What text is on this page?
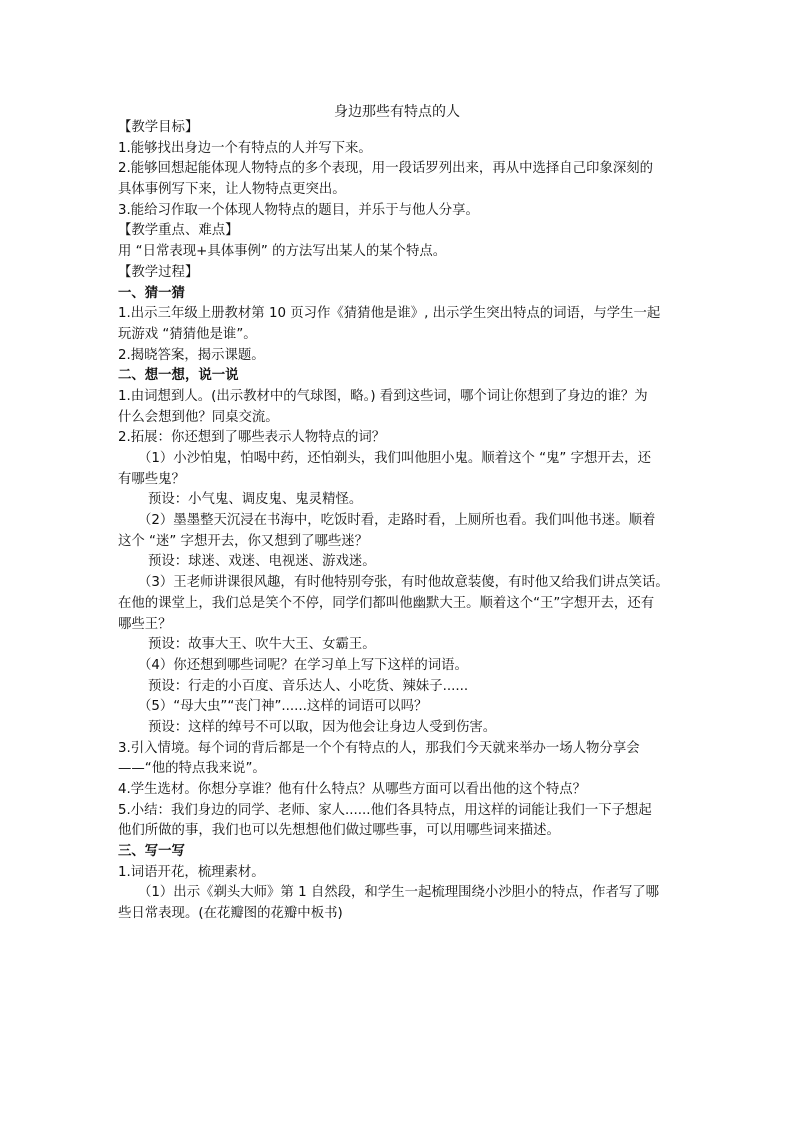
身边那些有特点的人
【教学目标】
1.能够找出身边一个有特点的人并写下来。
2.能够回想起能体现人物特点的多个表现，用一段话罗列出来，再从中选择自己印象深刻的
具体事例写下来，让人物特点更突出。
3.能给习作取一个体现人物特点的题目，并乐于与他人分享。
【教学重点、难点】
用 “日常表现+具体事例” 的方法写出某人的某个特点。
【教学过程】
一、猜一猜
1.出示三年级上册教材第 10 页习作《猜猜他是谁》, 出示学生突出特点的词语，与学生一起
玩游戏 “猜猜他是谁”。
2.揭晓答案，揭示课题。
二、想一想，说一说
1.由词想到人。(出示教材中的气球图，略。) 看到这些词，哪个词让你想到了身边的谁？为
什么会想到他？同桌交流。
2.拓展：你还想到了哪些表示人物特点的词？
（1）小沙怕鬼，怕喝中药，还怕剃头，我们叫他胆小鬼。顺着这个 “鬼” 字想开去，还
有哪些鬼？
预设：小气鬼、调皮鬼、鬼灵精怪。
（2）墨墨整天沉浸在书海中，吃饭时看，走路时看，上厕所也看。我们叫他书迷。顺着
这个 “迷” 字想开去，你又想到了哪些迷？
预设：球迷、戏迷、电视迷、游戏迷。
（3）王老师讲课很风趣，有时他特别夸张，有时他故意装傻，有时他又给我们讲点笑话。
在他的课堂上，我们总是笑个不停，同学们都叫他幽默大王。顺着这个“王”字想开去，还有
哪些王？
预设：故事大王、吹牛大王、女霸王。
（4）你还想到哪些词呢？在学习单上写下这样的词语。
预设：行走的小百度、音乐达人、小吃货、辣妹子......
（5）“母大虫”“丧门神”......这样的词语可以吗？
预设：这样的绰号不可以取，因为他会让身边人受到伤害。
3.引入情境。每个词的背后都是一个个有特点的人，那我们今天就来举办一场人物分享会
——“他的特点我来说”。
4.学生选材。你想分享谁？他有什么特点？从哪些方面可以看出他的这个特点？
5.小结：我们身边的同学、老师、家人......他们各具特点，用这样的词能让我们一下子想起
他们所做的事，我们也可以先想想他们做过哪些事，可以用哪些词来描述。
三、写一写
1.词语开花，梳理素材。
（1）出示《剃头大师》第 1 自然段，和学生一起梳理围绕小沙胆小的特点，作者写了哪
些日常表现。(在花瓣图的花瓣中板书)
